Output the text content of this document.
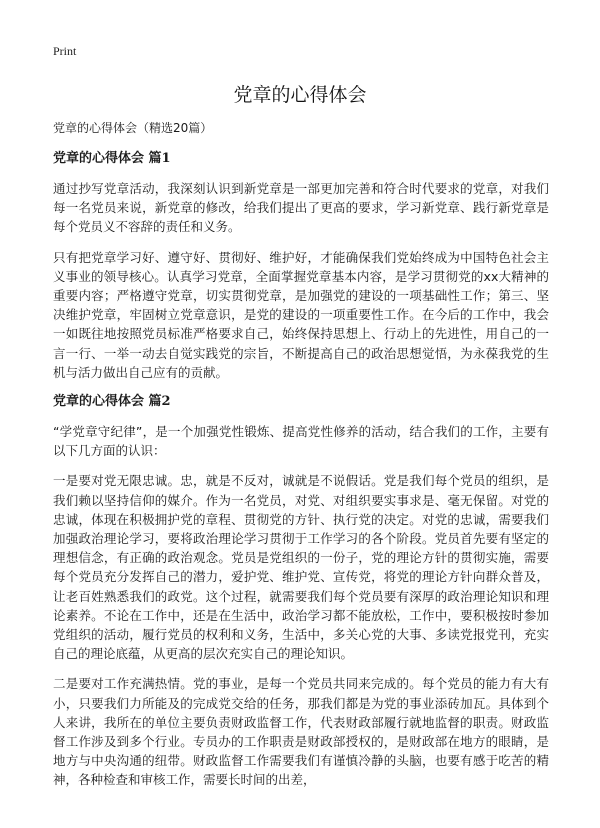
Print
党章的心得体会

党章的心得体会（精选20篇）

党章的心得体会 篇1

通过抄写党章活动，我深刻认识到新党章是一部更加完善和符合时代要求的党章，对我们每一名党员来说，新党章的修改，给我们提出了更高的要求，学习新党章、践行新党章是每个党员义不容辞的责任和义务。

只有把党章学习好、遵守好、贯彻好、维护好，才能确保我们党始终成为中国特色社会主义事业的领导核心。认真学习党章，全面掌握党章基本内容，是学习贯彻党的xx大精神的重要内容；严格遵守党章，切实贯彻党章，是加强党的建设的一项基础性工作；第三、坚决维护党章，牢固树立党章意识，是党的建设的一项重要性工作。在今后的工作中，我会一如既往地按照党员标准严格要求自己，始终保持思想上、行动上的先进性，用自己的一言一行、一举一动去自觉实践党的宗旨，不断提高自己的政治思想觉悟，为永葆我党的生机与活力做出自己应有的贡献。

党章的心得体会 篇2

“学党章守纪律”，是一个加强党性锻炼、提高党性修养的活动，结合我们的工作，主要有以下几方面的认识：

一是要对党无限忠诚。忠，就是不反对，诚就是不说假话。党是我们每个党员的组织，是我们赖以坚持信仰的媒介。作为一名党员，对党、对组织要实事求是、毫无保留。对党的忠诚，体现在积极拥护党的章程、贯彻党的方针、执行党的决定。对党的忠诚，需要我们加强政治理论学习，要将政治理论学习贯彻于工作学习的各个阶段。党员首先要有坚定的理想信念，有正确的政治观念。党员是党组织的一份子，党的理论方针的贯彻实施，需要每个党员充分发挥自己的潜力，爱护党、维护党、宣传党，将党的理论方针向群众普及，让老百姓熟悉我们的政党。这个过程，就需要我们每个党员要有深厚的政治理论知识和理论素养。不论在工作中，还是在生活中，政治学习都不能放松，工作中，要积极按时参加党组织的活动，履行党员的权利和义务，生活中，多关心党的大事、多读党报党刊，充实自己的理论底蕴，从更高的层次充实自己的理论知识。

二是要对工作充满热情。党的事业，是每一个党员共同来完成的。每个党员的能力有大有小，只要我们力所能及的完成党交给的任务，那我们都是为党的事业添砖加瓦。具体到个人来讲，我所在的单位主要负责财政监督工作，代表财政部履行就地监督的职责。财政监督工作涉及到多个行业。专员办的工作职责是财政部授权的，是财政部在地方的眼睛，是地方与中央沟通的纽带。财政监督工作需要我们有谨慎冷静的头脑，也要有感于吃苦的精神，各种检查和审核工作，需要长时间的出差，
